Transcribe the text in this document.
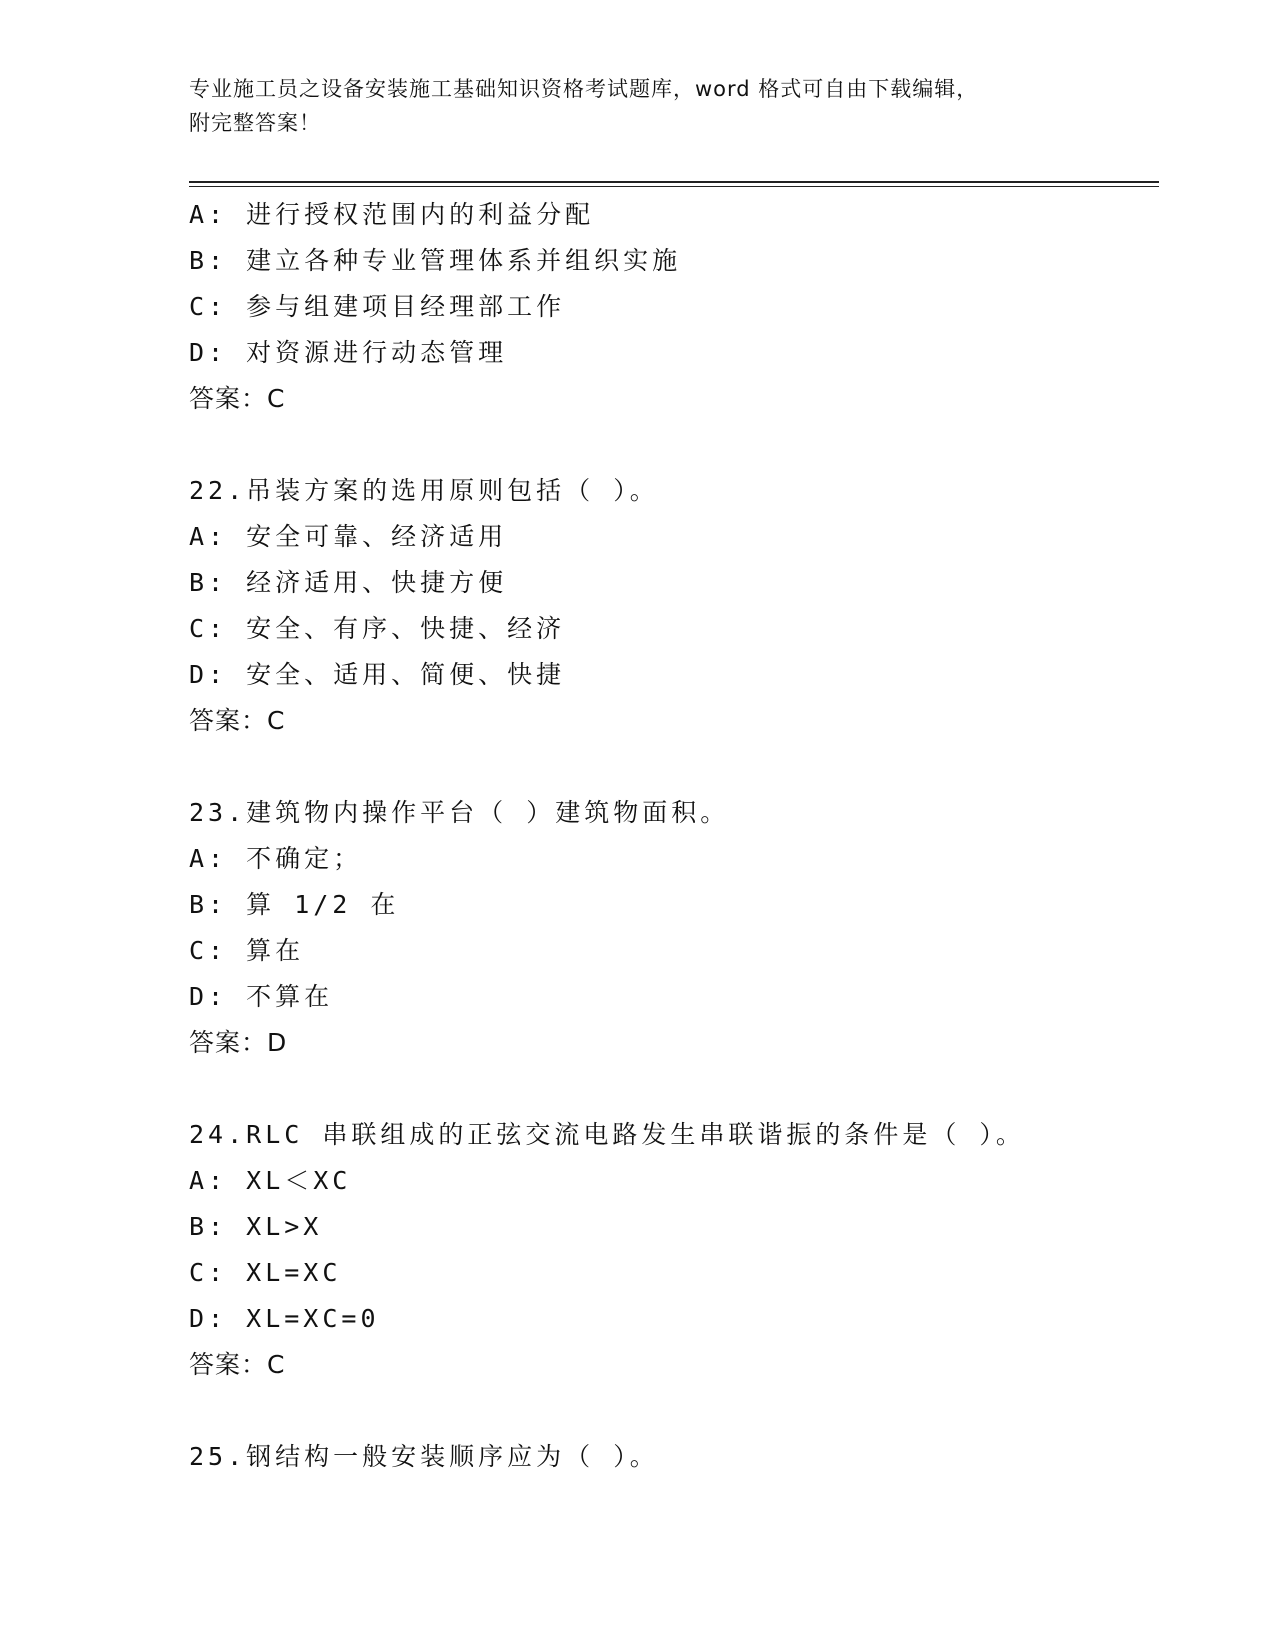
专业施工员之设备安装施工基础知识资格考试题库，word 格式可自由下载编辑，
附完整答案！
A: 进行授权范围内的利益分配
B: 建立各种专业管理体系并组织实施
C: 参与组建项目经理部工作
D: 对资源进行动态管理
答案：C
22.吊装方案的选用原则包括（ ）。
A: 安全可靠、经济适用
B: 经济适用、快捷方便
C: 安全、有序、快捷、经济
D: 安全、适用、简便、快捷
答案：C
23.建筑物内操作平台（ ）建筑物面积。
A: 不确定；
B: 算 1/2 在
C: 算在
D: 不算在
答案：D
24.RLC 串联组成的正弦交流电路发生串联谐振的条件是（ ）。
A: XL＜XC
B: XL>X
C: XL=XC
D: XL=XC=0
答案：C
25.钢结构一般安装顺序应为（ ）。
